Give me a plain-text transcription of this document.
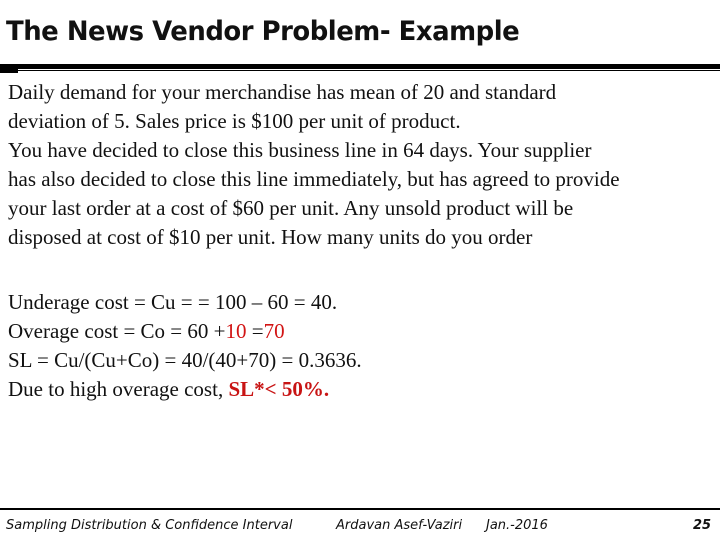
The News Vendor Problem- Example
Daily demand for your merchandise has mean of 20 and standard
deviation of 5. Sales price is $100 per unit of product.
You have decided to close this business line in 64 days. Your supplier
has also decided to close this line immediately, but has agreed to provide
your last order at a cost of $60 per unit. Any unsold product will be
disposed at cost of $10 per unit. How many units do you order
Underage cost = Cu = = 100 – 60 = 40.
Overage cost = Co = 60 +10 =70
SL = Cu/(Cu+Co) = 40/(40+70) = 0.3636.
Due to high overage cost, SL*< 50%.
Sampling Distribution & Confidence Interval	Ardavan Asef-Vaziri Jan.-2016	25
